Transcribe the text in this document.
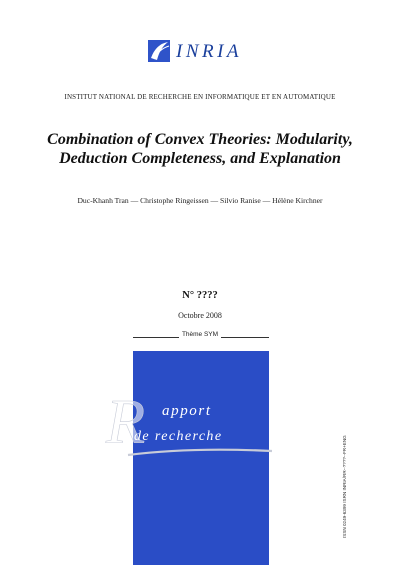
INRIA
INSTITUT NATIONAL DE RECHERCHE EN INFORMATIQUE ET EN AUTOMATIQUE
Combination of Convex Theories: Modularity,
Deduction Completeness, and Explanation
Duc-Khanh Tran — Christophe Ringeissen — Silvio Ranise — Hélène Kirchner
N° ????
Octobre 2008
Thème SYM
R apport
de recherche	ISSN 0249-6399 ISRN INRIA/RR--????--FR+ENG
